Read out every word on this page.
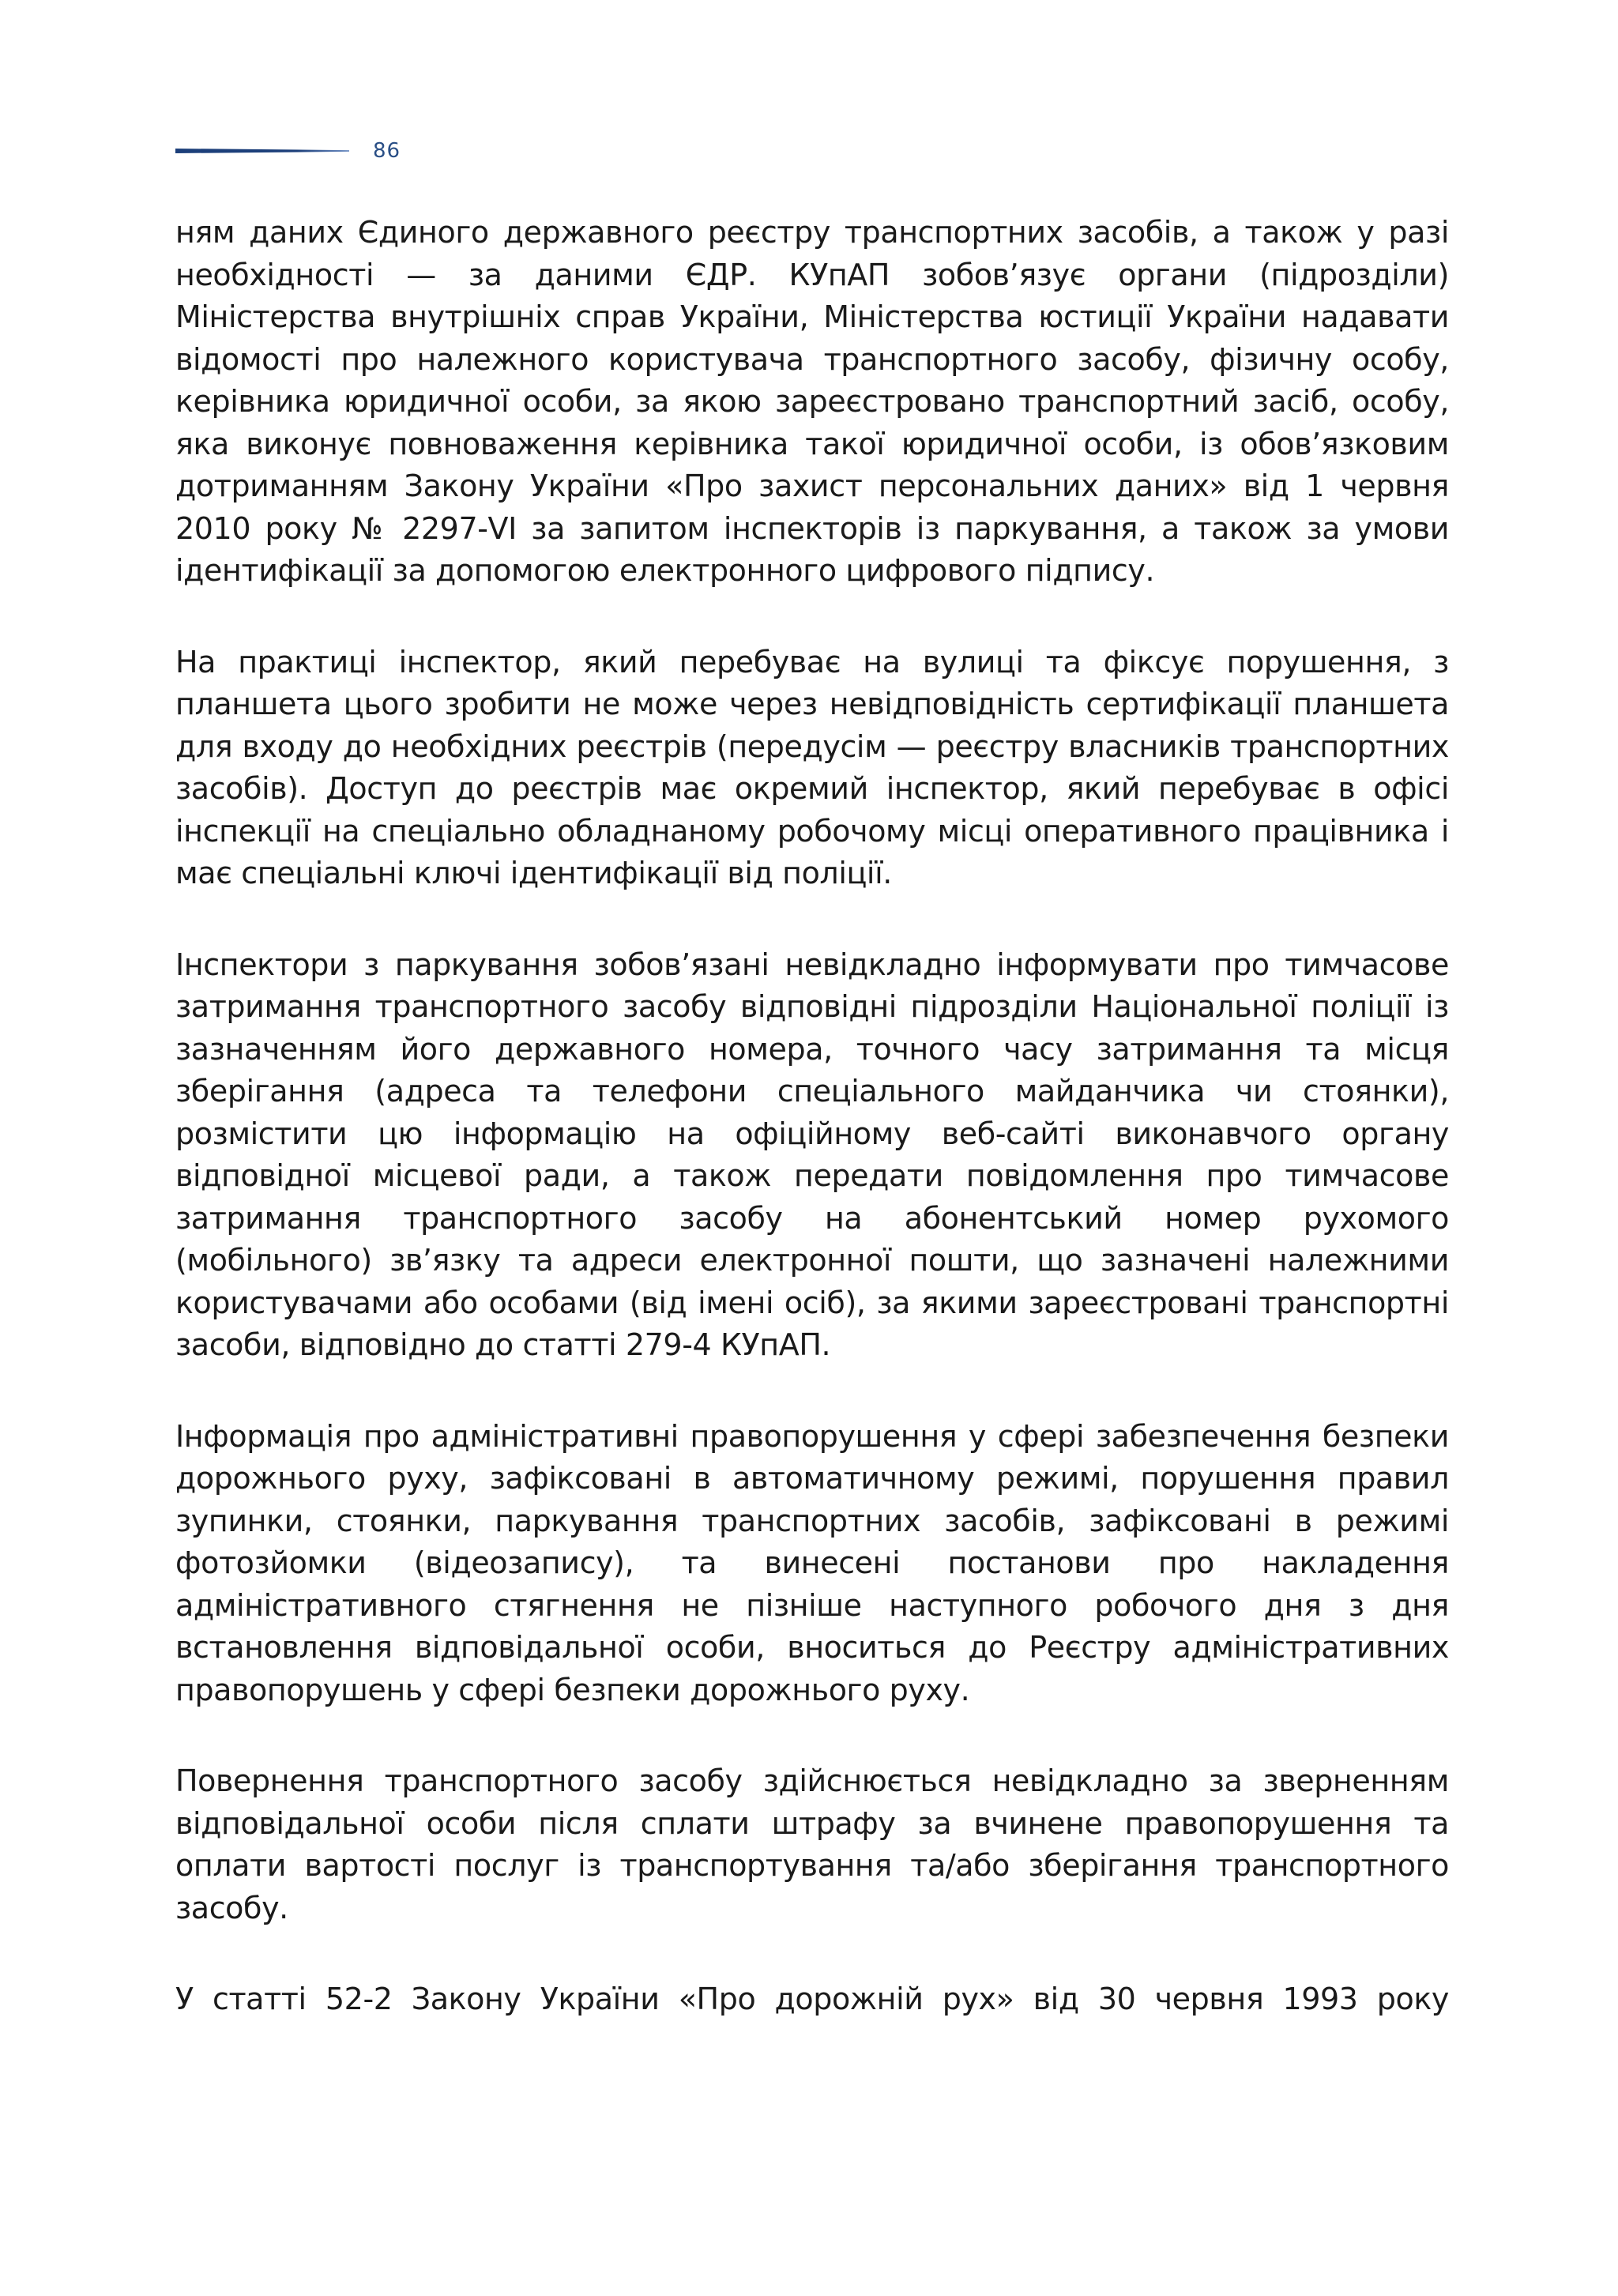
86

ням даних Єдиного державного реєстру транспортних засобів, а також у разі необхідності — за даними ЄДР. КУпАП зобов’язує органи (підрозділи) Міністерства внутрішніх справ України, Міністерства юстиції України надавати відомості про належного користувача транспортного засобу, фізичну особу, керівника юридичної особи, за якою зареєстровано транспортний засіб, особу, яка виконує повноваження керівника такої юридичної особи, із обов’язковим дотриманням Закону України «Про захист персональних даних» від 1 червня 2010 року № 2297-VI за запитом інспекторів із паркування, а також за умови ідентифікації за допомогою електронного цифрового підпису.

На практиці інспектор, який перебуває на вулиці та фіксує порушення, з планшета цього зробити не може через невідповідність сертифікації планшета для входу до необхідних реєстрів (передусім — реєстру власників транспортних засобів). Доступ до реєстрів має окремий інспектор, який перебуває в офісі інспекції на спеціально обладнаному робочому місці оперативного працівника і має спеціальні ключі ідентифікації від поліції.

Інспектори з паркування зобов’язані невідкладно інформувати про тимчасове затримання транспортного засобу відповідні підрозділи Національної поліції із зазначенням його державного номера, точного часу затримання та місця зберігання (адреса та телефони спеціального майданчика чи стоянки), розмістити цю інформацію на офіційному веб-сайті виконавчого органу відповідної місцевої ради, а також передати повідомлення про тимчасове затримання транспортного засобу на абонентський номер рухомого (мобільного) зв’язку та адреси електронної пошти, що зазначені належними користувачами або особами (від імені осіб), за якими зареєстровані транспортні засоби, відповідно до статті 279-4 КУпАП.

Інформація про адміністративні правопорушення у сфері забезпечення безпеки дорожнього руху, зафіксовані в автоматичному режимі, порушення правил зупинки, стоянки, паркування транспортних засобів, зафіксовані в режимі фотозйомки (відеозапису), та винесені постанови про накладення адміністративного стягнення не пізніше наступного робочого дня з дня встановлення відповідальної особи, вноситься до Реєстру адміністративних правопорушень у сфері безпеки дорожнього руху.

Повернення транспортного засобу здійснюється невідкладно за зверненням відповідальної особи після сплати штрафу за вчинене правопорушення та оплати вартості послуг із транспортування та/або зберігання транспортного засобу.

У статті 52-2 Закону України «Про дорожній рух» від 30 червня 1993 року
